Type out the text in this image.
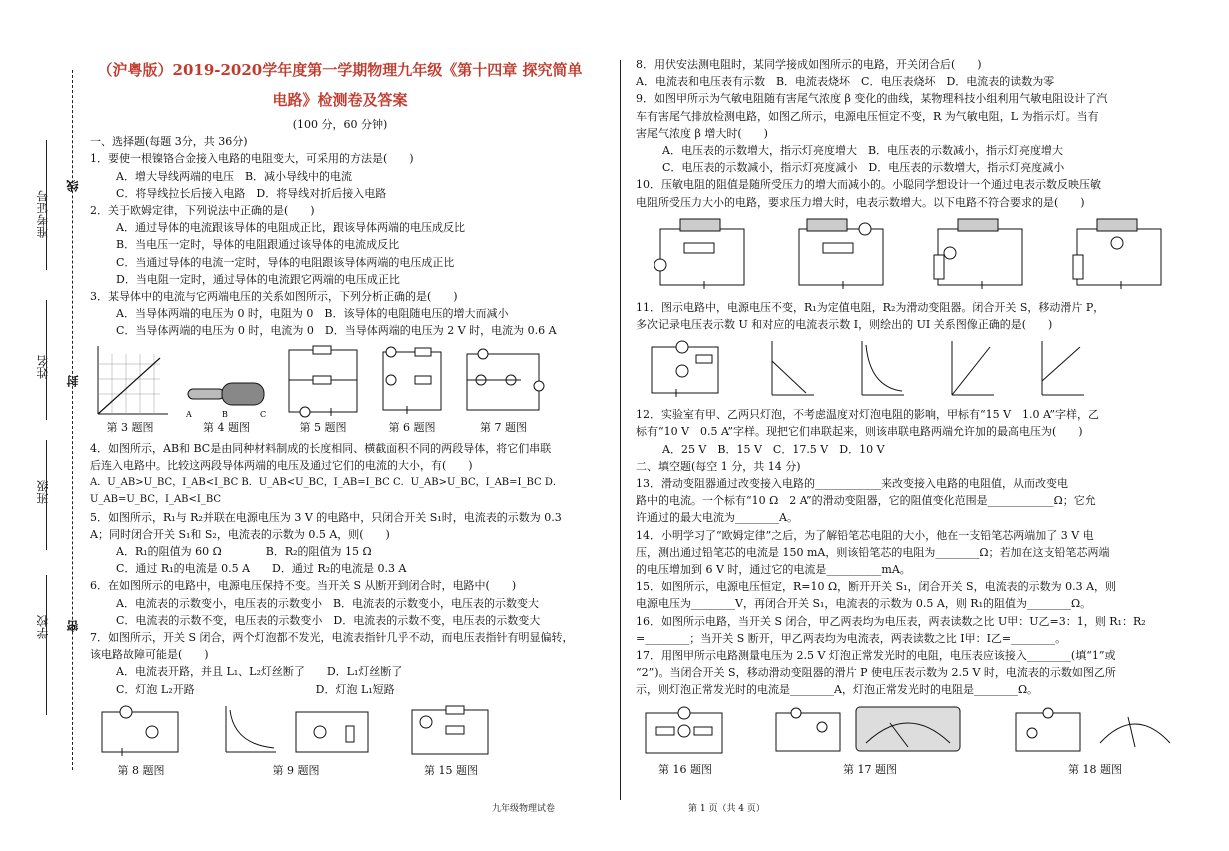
准考证号
姓名
班级
学校
线
封
密
（沪粤版）2019-2020学年度第一学期物理九年级《第十四章 探究简单
电路》检测卷及答案

(100 分，60 分钟)

一、选择题(每题 3分，共 36分)

1．要使一根镍铬合金接入电路的电阻变大，可采用的方法是(　　)

A．增大导线两端的电压　B．减小导线中的电流

C．将导线拉长后接入电路　D．将导线对折后接入电路

2．关于欧姆定律，下列说法中正确的是(　　)

A．通过导体的电流跟该导体的电阻成正比，跟该导体两端的电压成反比

B．当电压一定时，导体的电阻跟通过该导体的电流成反比

C．当通过导体的电流一定时，导体的电阻跟该导体两端的电压成正比

D．当电阻一定时，通过导体的电流跟它两端的电压成正比

3．某导体中的电流与它两端电压的关系如图所示，下列分析正确的是(　　)

A．当导体两端的电压为 0 时，电阻为 0　B．该导体的电阻随电压的增大而减小

C．当导体两端的电压为 0 时，电流为 0　D．当导体两端的电压为 2 V 时，电流为 0.6 A

第 3 题图
A	B	C
第 4 题图	第 5 题图	第 6 题图	第 7 题图

4．如图所示，AB和 BC是由同种材料制成的长度相同、横截面积不同的两段导体，将它们串联

后连入电路中。比较这两段导体两端的电压及通过它们的电流的大小，有(　　)

A．U_AB>U_BC，I_AB<I_BC B．U_AB<U_BC，I_AB=I_BC C．U_AB>U_BC，I_AB=I_BC D．U_AB=U_BC，I_AB<I_BC

5．如图所示，R₁与 R₂并联在电源电压为 3 V 的电路中，只闭合开关 S₁时，电流表的示数为 0.3

A；同时闭合开关 S₁和 S₂，电流表的示数为 0.5 A，则(　　)

A．R₁的阻值为 60 Ω　　　　B．R₂的阻值为 15 Ω

C．通过 R₁的电流是 0.5 A　　D．通过 R₂的电流是 0.3 A

6．在如图所示的电路中，电源电压保持不变。当开关 S 从断开到闭合时，电路中(　　)

A．电流表的示数变小，电压表的示数变小　B．电流表的示数变小，电压表的示数变大

C．电流表的示数不变，电压表的示数变小　D．电流表的示数不变，电压表的示数变大

7．如图所示，开关 S 闭合，两个灯泡都不发光，电流表指针几乎不动，而电压表指针有明显偏转，

该电路故障可能是(　　)

A．电流表开路，并且 L₁、L₂灯丝断了　　D．L₁灯丝断了

C．灯泡 L₂开路　　　　　　　　　　　D．灯泡 L₁短路

第 8 题图	第 9 题图	第 15 题图

8．用伏安法测电阻时，某同学接成如图所示的电路，开关闭合后(　　)

A．电流表和电压表有示数　B．电流表烧坏　C．电压表烧坏　D．电流表的读数为零

9．如图甲所示为气敏电阻随有害尾气浓度 β 变化的曲线，某物理科技小组利用气敏电阻设计了汽

车有害尾气排放检测电路，如图乙所示，电源电压恒定不变，R 为气敏电阻，L 为指示灯。当有

害尾气浓度 β 增大时(　　)

A．电压表的示数增大，指示灯亮度增大　B．电压表的示数减小，指示灯亮度增大

C．电压表的示数减小，指示灯亮度减小　D．电压表的示数增大，指示灯亮度减小

10．压敏电阻的阻值是随所受压力的增大而减小的。小聪同学想设计一个通过电表示数反映压敏

电阻所受压力大小的电路，要求压力增大时，电表示数增大。以下电路不符合要求的是(　　)

11．图示电路中，电源电压不变，R₁为定值电阻，R₂为滑动变阻器。闭合开关 S，移动滑片 P，

多次记录电压表示数 U 和对应的电流表示数 I，则绘出的 UI 关系图像正确的是(　　)

12．实验室有甲、乙两只灯泡，不考虑温度对灯泡电阻的影响，甲标有“15 V　1.0 A”字样，乙

标有“10 V　0.5 A”字样。现把它们串联起来，则该串联电路两端允许加的最高电压为(　　)

A．25 V　B．15 V　C．17.5 V　D．10 V

二、填空题(每空 1 分，共 14 分)

13．滑动变阻器通过改变接入电路的____________来改变接入电路的电阻值，从而改变电

路中的电流。一个标有“10 Ω　2 A”的滑动变阻器，它的阻值变化范围是____________Ω；它允

许通过的最大电流为________A。

14．小明学习了“欧姆定律”之后，为了解铅笔芯电阻的大小，他在一支铅笔芯两端加了 3 V 电

压，测出通过铅笔芯的电流是 150 mA，则该铅笔芯的电阻为________Ω；若加在这支铅笔芯两端

的电压增加到 6 V 时，通过它的电流是__________mA。

15．如图所示，电源电压恒定，R=10 Ω，断开开关 S₁，闭合开关 S，电流表的示数为 0.3 A，则

电源电压为________V，再闭合开关 S₁，电流表的示数为 0.5 A，则 R₁的阻值为________Ω。

16．如图所示电路，当开关 S 闭合，甲乙两表均为电压表，两表读数之比 U甲：U乙=3：1，则 R₁：R₂

=________；当开关 S 断开，甲乙两表均为电流表，两表读数之比 I甲：I乙=________。

17．用图甲所示电路测量电压为 2.5 V 灯泡正常发光时的电阻，电压表应该接入________(填“1”或

“2”)。当闭合开关 S，移动滑动变阻器的滑片 P 使电压表示数为 2.5 V 时，电流表的示数如图乙所

示，则灯泡正常发光时的电流是________A，灯泡正常发光时的电阻是________Ω。

第 16 题图	第 17 题图	第 18 题图
九年级物理试卷	第 1 页（共 4 页）
